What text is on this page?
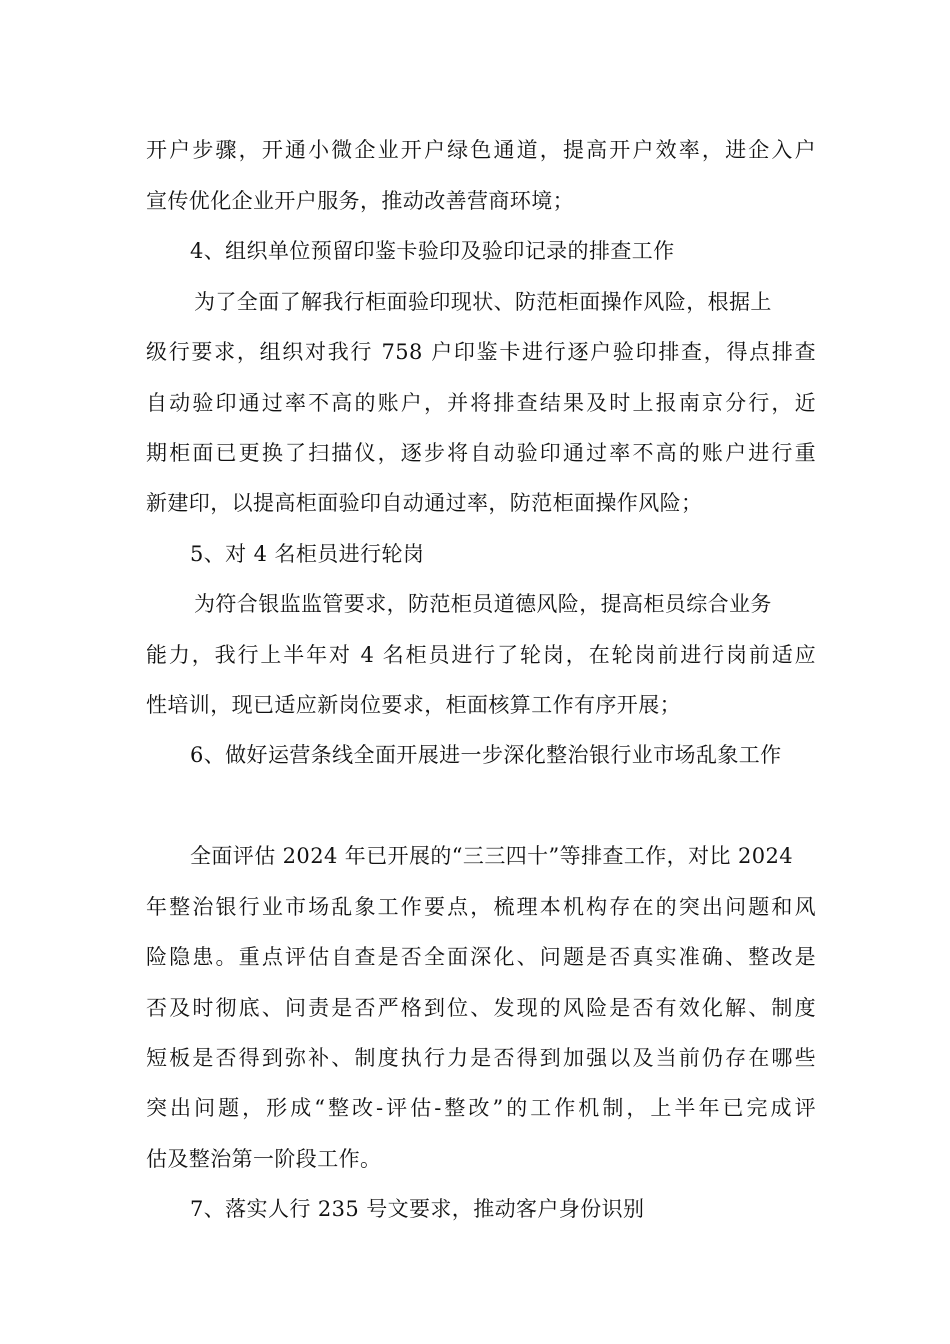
开户步骤，开通小微企业开户绿色通道，提高开户效率，进企入户
宣传优化企业开户服务，推动改善营商环境；
4、组织单位预留印鉴卡验印及验印记录的排查工作
为了全面了解我行柜面验印现状、防范柜面操作风险，根据上
级行要求，组织对我行 758 户印鉴卡进行逐户验印排查，得点排查
自动验印通过率不高的账户，并将排查结果及时上报南京分行，近
期柜面已更换了扫描仪，逐步将自动验印通过率不高的账户进行重
新建印，以提高柜面验印自动通过率，防范柜面操作风险；
5、对 4 名柜员进行轮岗
为符合银监监管要求，防范柜员道德风险，提高柜员综合业务
能力，我行上半年对 4 名柜员进行了轮岗，在轮岗前进行岗前适应
性培训，现已适应新岗位要求，柜面核算工作有序开展；
6、做好运营条线全面开展进一步深化整治银行业市场乱象工作
全面评估 2024 年已开展的“三三四十”等排查工作，对比 2024
年整治银行业市场乱象工作要点，梳理本机构存在的突出问题和风
险隐患。重点评估自查是否全面深化、问题是否真实准确、整改是
否及时彻底、问责是否严格到位、发现的风险是否有效化解、制度
短板是否得到弥补、制度执行力是否得到加强以及当前仍存在哪些
突出问题，形成“整改-评估-整改”的工作机制，上半年已完成评
估及整治第一阶段工作。
7、落实人行 235 号文要求，推动客户身份识别
